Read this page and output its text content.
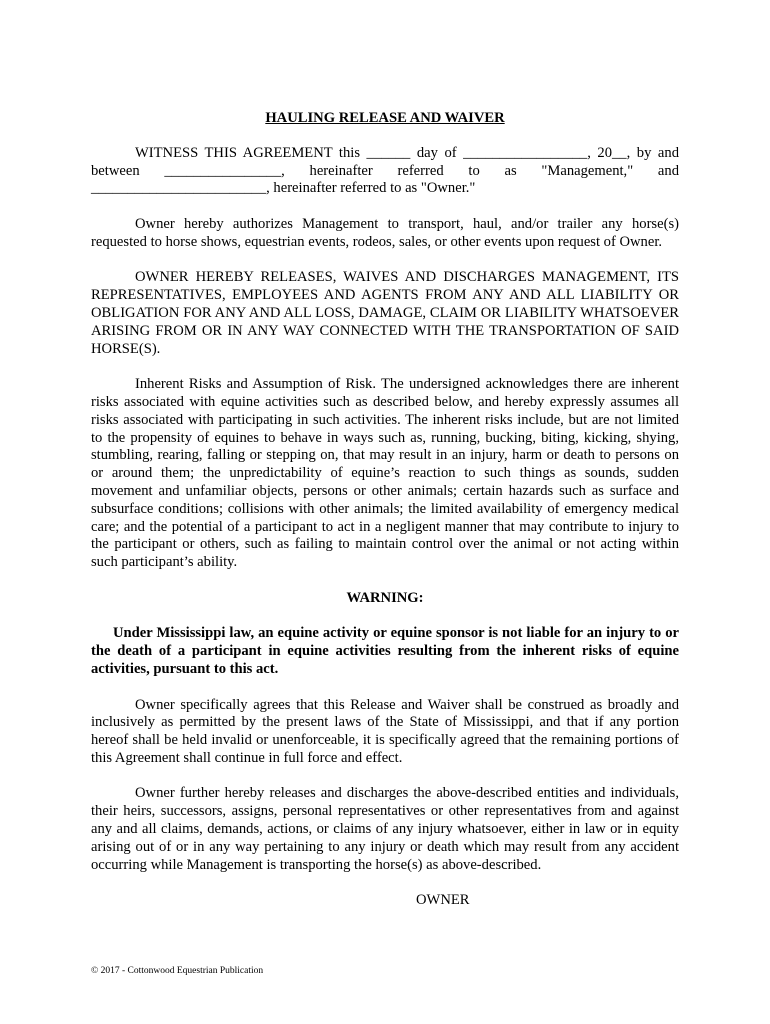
HAULING RELEASE AND WAIVER

WITNESS THIS AGREEMENT this ______ day of _________________, 20__, by and between ________________, hereinafter referred to as "Management," and ________________________, hereinafter referred to as "Owner."

Owner hereby authorizes Management to transport, haul, and/or trailer any horse(s) requested to horse shows, equestrian events, rodeos, sales, or other events upon request of Owner.

OWNER HEREBY RELEASES, WAIVES AND DISCHARGES MANAGEMENT, ITS REPRESENTATIVES, EMPLOYEES AND AGENTS FROM ANY AND ALL LIABILITY OR OBLIGATION FOR ANY AND ALL LOSS, DAMAGE, CLAIM OR LIABILITY WHATSOEVER ARISING FROM OR IN ANY WAY CONNECTED WITH THE TRANSPORTATION OF SAID HORSE(S).

Inherent Risks and Assumption of Risk. The undersigned acknowledges there are inherent risks associated with equine activities such as described below, and hereby expressly assumes all risks associated with participating in such activities. The inherent risks include, but are not limited to the propensity of equines to behave in ways such as, running, bucking, biting, kicking, shying, stumbling, rearing, falling or stepping on, that may result in an injury, harm or death to persons on or around them; the unpredictability of equine’s reaction to such things as sounds, sudden movement and unfamiliar objects, persons or other animals; certain hazards such as surface and subsurface conditions; collisions with other animals; the limited availability of emergency medical care; and the potential of a participant to act in a negligent manner that may contribute to injury to the participant or others, such as failing to maintain control over the animal or not acting within such participant’s ability.

WARNING:

Under Mississippi law, an equine activity or equine sponsor is not liable for an injury to or the death of a participant in equine activities resulting from the inherent risks of equine activities, pursuant to this act.

Owner specifically agrees that this Release and Waiver shall be construed as broadly and inclusively as permitted by the present laws of the State of Mississippi, and that if any portion hereof shall be held invalid or unenforceable, it is specifically agreed that the remaining portions of this Agreement shall continue in full force and effect.

Owner further hereby releases and discharges the above-described entities and individuals, their heirs, successors, assigns, personal representatives or other representatives from and against any and all claims, demands, actions, or claims of any injury whatsoever, either in law or in equity arising out of or in any way pertaining to any injury or death which may result from any accident occurring while Management is transporting the horse(s) as above-described.

OWNER
© 2017 - Cottonwood Equestrian Publication
